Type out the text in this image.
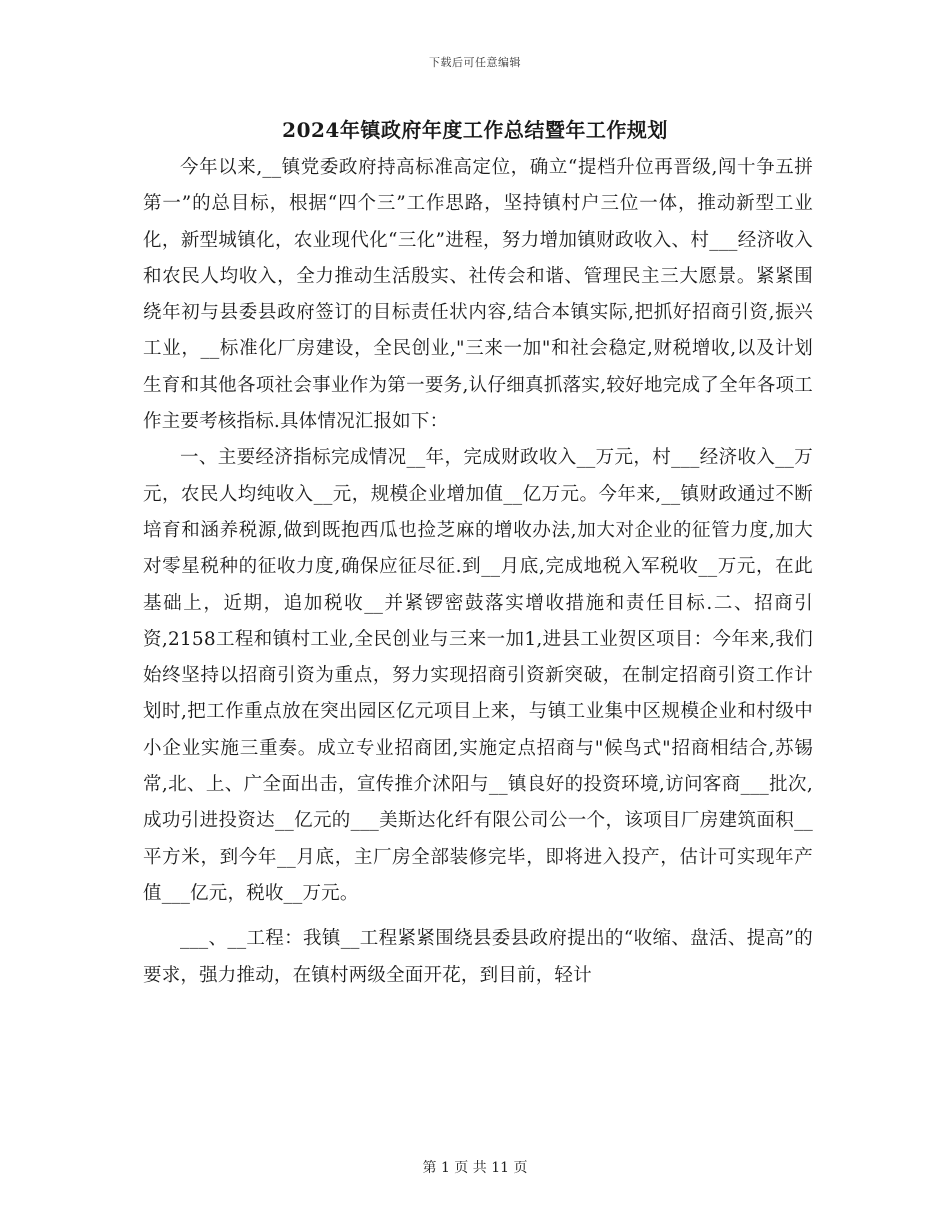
下载后可任意编辑
2024年镇政府年度工作总结暨年工作规划

今年以来,__镇党委政府持高标准高定位，确立“提档升位再晋级,闯十争五拼第一”的总目标，根据“四个三”工作思路，坚持镇村户三位一体，推动新型工业化，新型城镇化，农业现代化“三化”进程，努力增加镇财政收入、村___经济收入和农民人均收入，全力推动生活殷实、社传会和谐、管理民主三大愿景。紧紧围绕年初与县委县政府签订的目标责任状内容,结合本镇实际,把抓好招商引资,振兴工业，__标准化厂房建设，全民创业,"三来一加"和社会稳定,财税增收,以及计划生育和其他各项社会事业作为第一要务,认仔细真抓落实,较好地完成了全年各项工作主要考核指标.具体情况汇报如下：

一、主要经济指标完成情况__年，完成财政收入__万元，村___经济收入__万元，农民人均纯收入__元，规模企业增加值__亿万元。今年来,__镇财政通过不断培育和涵养税源,做到既抱西瓜也捡芝麻的增收办法,加大对企业的征管力度,加大对零星税种的征收力度,确保应征尽征.到__月底,完成地税入军税收__万元，在此基础上，近期，追加税收__并紧锣密鼓落实增收措施和责任目标.二、招商引资,2158工程和镇村工业,全民创业与三来一加1,进县工业贺区项目：今年来,我们始终坚持以招商引资为重点，努力实现招商引资新突破，在制定招商引资工作计划时,把工作重点放在突出园区亿元项目上来，与镇工业集中区规模企业和村级中小企业实施三重奏。成立专业招商团,实施定点招商与"候鸟式"招商相结合,苏锡常,北、上、广全面出击，宣传推介沭阳与__镇良好的投资环境,访问客商___批次,成功引进投资达__亿元的___美斯达化纤有限公司公一个，该项目厂房建筑面积__平方米，到今年__月底，主厂房全部装修完毕，即将进入投产，估计可实现年产值___亿元，税收__万元。

___、__工程：我镇__工程紧紧围绕县委县政府提出的“收缩、盘活、提高”的要求，强力推动，在镇村两级全面开花，到目前，轻计

第 1 页 共 11 页
